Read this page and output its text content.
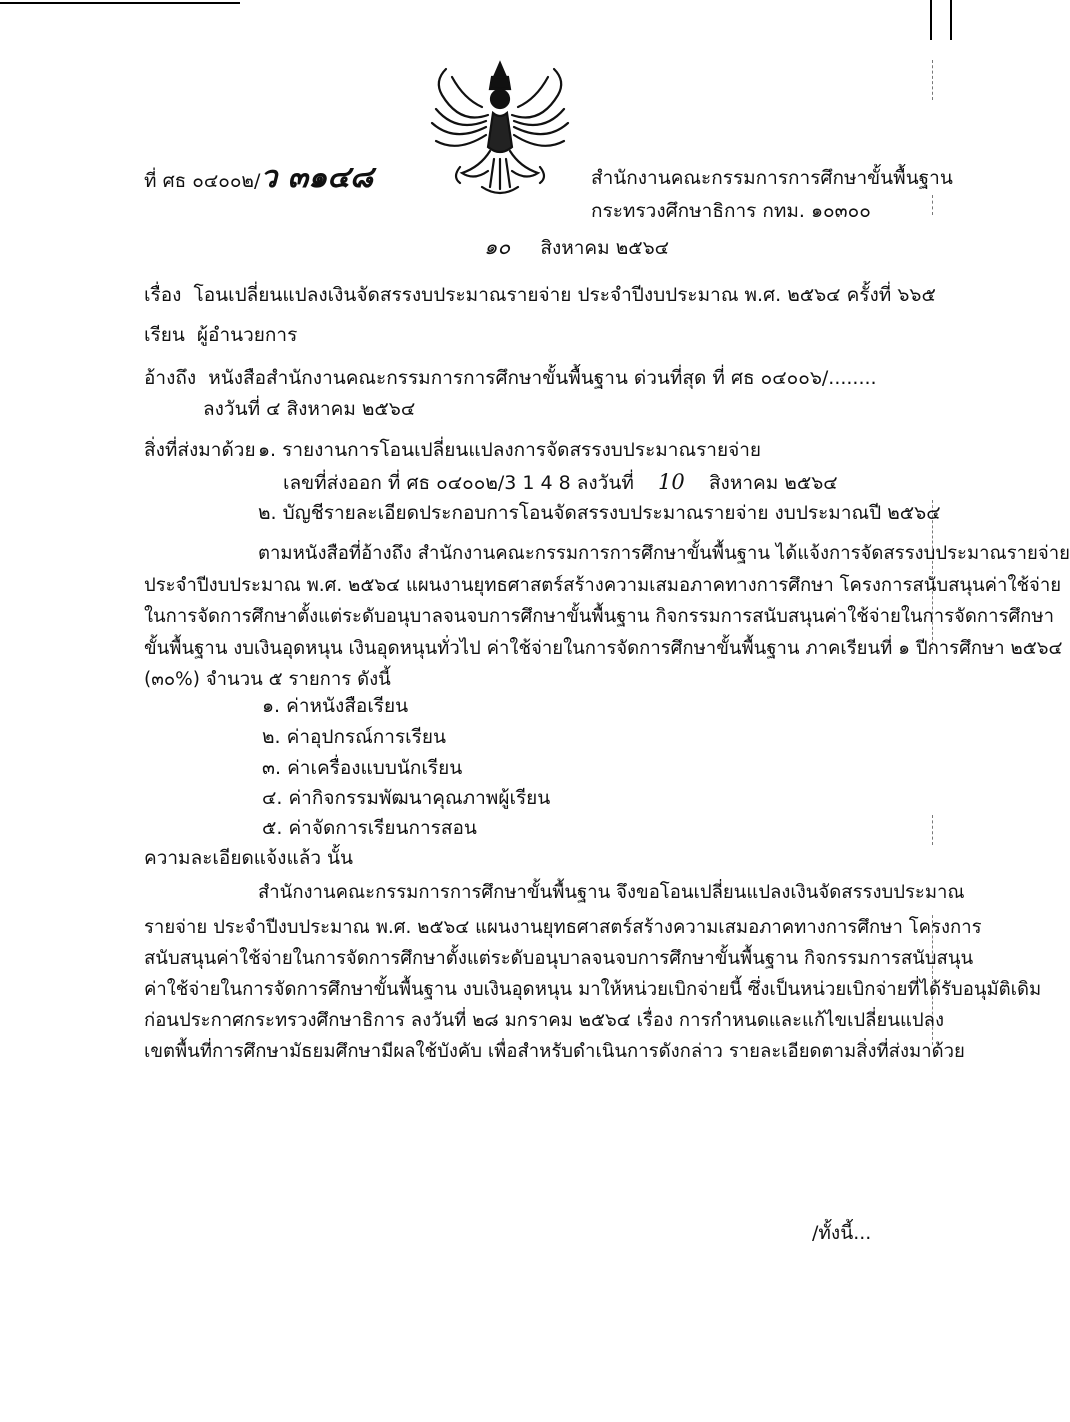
ที่ ศธ ๐๔๐๐๒/ว ๓๑๔๘	สำนักงานคณะกรรมการการศึกษาขั้นพื้นฐาน
กระทรวงศึกษาธิการ กทม. ๑๐๓๐๐
๑๐ สิงหาคม ๒๕๖๔
เรื่อง โอนเปลี่ยนแปลงเงินจัดสรรงบประมาณรายจ่าย ประจำปีงบประมาณ พ.ศ. ๒๕๖๔ ครั้งที่ ๖๖๕
เรียน ผู้อำนวยการ
อ้างถึง หนังสือสำนักงานคณะกรรมการการศึกษาขั้นพื้นฐาน ด่วนที่สุด ที่ ศธ ๐๔๐๐๖/........
ลงวันที่ ๔ สิงหาคม ๒๕๖๔
สิ่งที่ส่งมาด้วย ๑. รายงานการโอนเปลี่ยนแปลงการจัดสรรงบประมาณรายจ่าย
เลขที่ส่งออก ที่ ศธ ๐๔๐๐๒/3 1 4 8 ลงวันที่ 10 สิงหาคม ๒๕๖๔
๒. บัญชีรายละเอียดประกอบการโอนจัดสรรงบประมาณรายจ่าย งบประมาณปี ๒๕๖๔
ตามหนังสือที่อ้างถึง สำนักงานคณะกรรมการการศึกษาขั้นพื้นฐาน ได้แจ้งการจัดสรรงบประมาณรายจ่าย
ประจำปีงบประมาณ พ.ศ. ๒๕๖๔ แผนงานยุทธศาสตร์สร้างความเสมอภาคทางการศึกษา โครงการสนับสนุนค่าใช้จ่าย
ในการจัดการศึกษาตั้งแต่ระดับอนุบาลจนจบการศึกษาขั้นพื้นฐาน กิจกรรมการสนับสนุนค่าใช้จ่ายในการจัดการศึกษา
ขั้นพื้นฐาน งบเงินอุดหนุน เงินอุดหนุนทั่วไป ค่าใช้จ่ายในการจัดการศึกษาขั้นพื้นฐาน ภาคเรียนที่ ๑ ปีการศึกษา ๒๕๖๔
(๓๐%) จำนวน ๕ รายการ ดังนี้
๑. ค่าหนังสือเรียน
๒. ค่าอุปกรณ์การเรียน
๓. ค่าเครื่องแบบนักเรียน
๔. ค่ากิจกรรมพัฒนาคุณภาพผู้เรียน
๕. ค่าจัดการเรียนการสอน
ความละเอียดแจ้งแล้ว นั้น
สำนักงานคณะกรรมการการศึกษาขั้นพื้นฐาน จึงขอโอนเปลี่ยนแปลงเงินจัดสรรงบประมาณ
รายจ่าย ประจำปีงบประมาณ พ.ศ. ๒๕๖๔ แผนงานยุทธศาสตร์สร้างความเสมอภาคทางการศึกษา โครงการ
สนับสนุนค่าใช้จ่ายในการจัดการศึกษาตั้งแต่ระดับอนุบาลจนจบการศึกษาขั้นพื้นฐาน กิจกรรมการสนับสนุน
ค่าใช้จ่ายในการจัดการศึกษาขั้นพื้นฐาน งบเงินอุดหนุน มาให้หน่วยเบิกจ่ายนี้ ซึ่งเป็นหน่วยเบิกจ่ายที่ได้รับอนุมัติเดิม
ก่อนประกาศกระทรวงศึกษาธิการ ลงวันที่ ๒๘ มกราคม ๒๕๖๔ เรื่อง การกำหนดและแก้ไขเปลี่ยนแปลง
เขตพื้นที่การศึกษามัธยมศึกษามีผลใช้บังคับ เพื่อสำหรับดำเนินการดังกล่าว รายละเอียดตามสิ่งที่ส่งมาด้วย
/ทั้งนี้...
